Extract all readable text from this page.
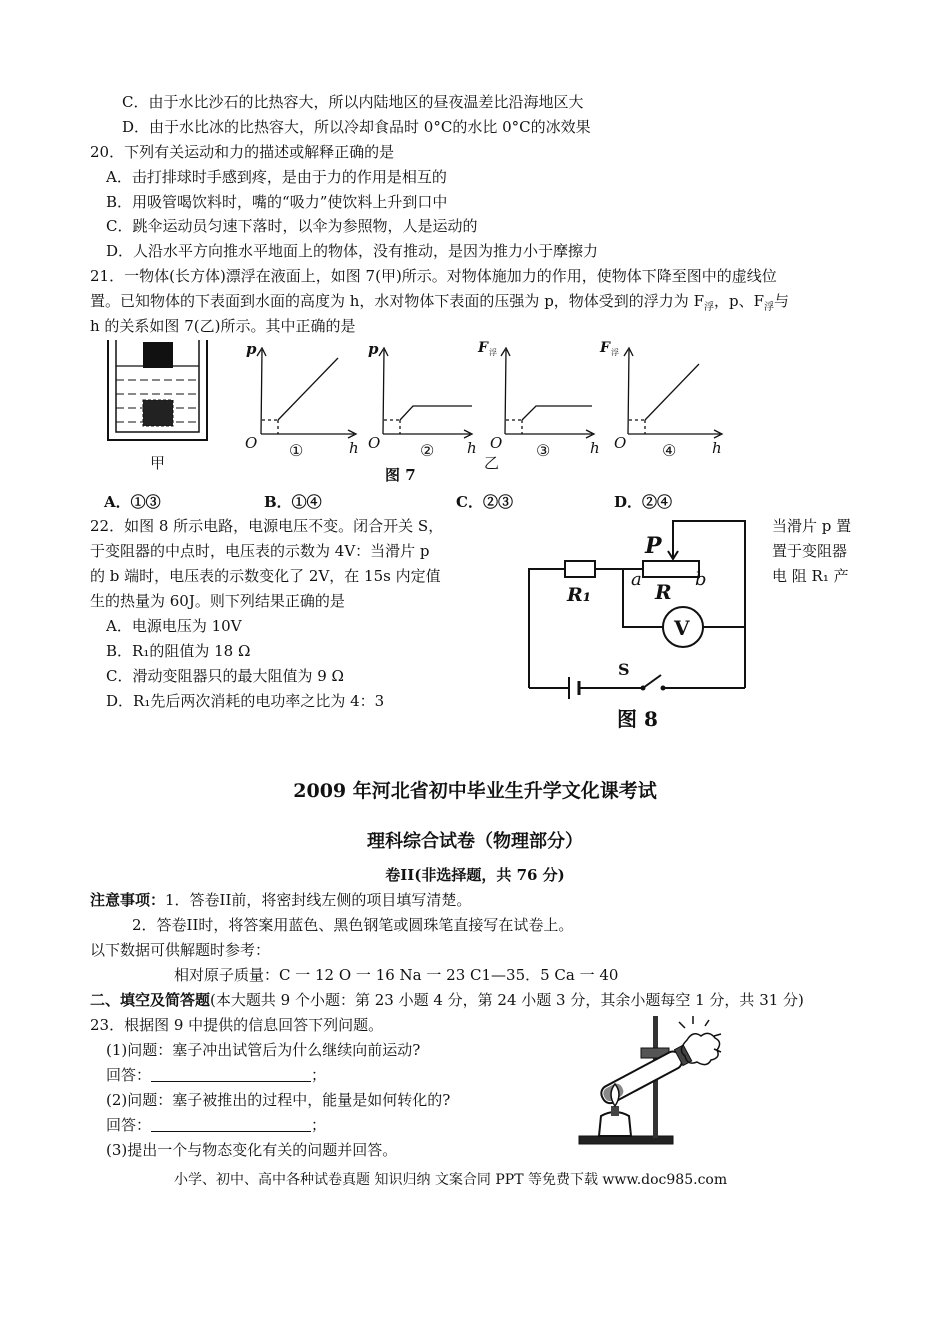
C．由于水比沙石的比热容大，所以内陆地区的昼夜温差比沿海地区大
D．由于水比冰的比热容大，所以冷却食品时 0°C的水比 0°C的冰效果
20．下列有关运动和力的描述或解释正确的是
A．击打排球时手感到疼，是由于力的作用是相互的
B．用吸管喝饮料时，嘴的“吸力”使饮料上升到口中
C．跳伞运动员匀速下落时，以伞为参照物，人是运动的
D．人沿水平方向推水平地面上的物体，没有推动，是因为推力小于摩擦力
21．一物体(长方体)漂浮在液面上，如图 7(甲)所示。对物体施加力的作用，使物体下降至图中的虚线位
置。已知物体的下表面到水面的高度为 h，水对物体下表面的压强为 p，物体受到的浮力为 $F_浮$，p、$F_浮$与
h 的关系如图 7(乙)所示。其中正确的是
甲
p
O	h
①
p
O	h
②
F 浮
O	h
③
乙
F 浮
O	h
④
图 7
A．①③	B．①④	C．②③	D．②④
22．如图 8 所示电路，电源电压不变。闭合开关 S，
于变阻器的中点时，电压表的示数为 4V：当滑片 p
的 b 端时，电压表的示数变化了 2V，在 15s 内定值
生的热量为 60J。则下列结果正确的是
当滑片 p 置
置于变阻器
电 阻 R₁ 产
A．电源电压为 10V
B．R₁的阻值为 18 Ω
C．滑动变阻器只的最大阻值为 9 Ω
D．R₁先后两次消耗的电功率之比为 4：3
V
P
R₁
a
R
b
S
图 8
2009 年河北省初中毕业生升学文化课考试
理科综合试卷（物理部分）
卷II(非选择题，共 76 分)
注意事项：1．答卷II前，将密封线左侧的项目填写清楚。
2．答卷II时，将答案用蓝色、黑色钢笔或圆珠笔直接写在试卷上。
以下数据可供解题时参考：
相对原子质量：C 一 12 O 一 16 Na 一 23 C1—35．5 Ca 一 40
二、填空及简答题(本大题共 9 个小题：第 23 小题 4 分，第 24 小题 3 分，其余小题每空 1 分，共 31 分)
23．根据图 9 中提供的信息回答下列问题。
(1)问题：塞子冲出试管后为什么继续向前运动?
回答：	；
(2)问题：塞子被推出的过程中，能量是如何转化的?
回答：	；
(3)提出一个与物态变化有关的问题并回答。
小学、初中、高中各种试卷真题 知识归纳 文案合同 PPT 等免费下载 www.doc985.com
